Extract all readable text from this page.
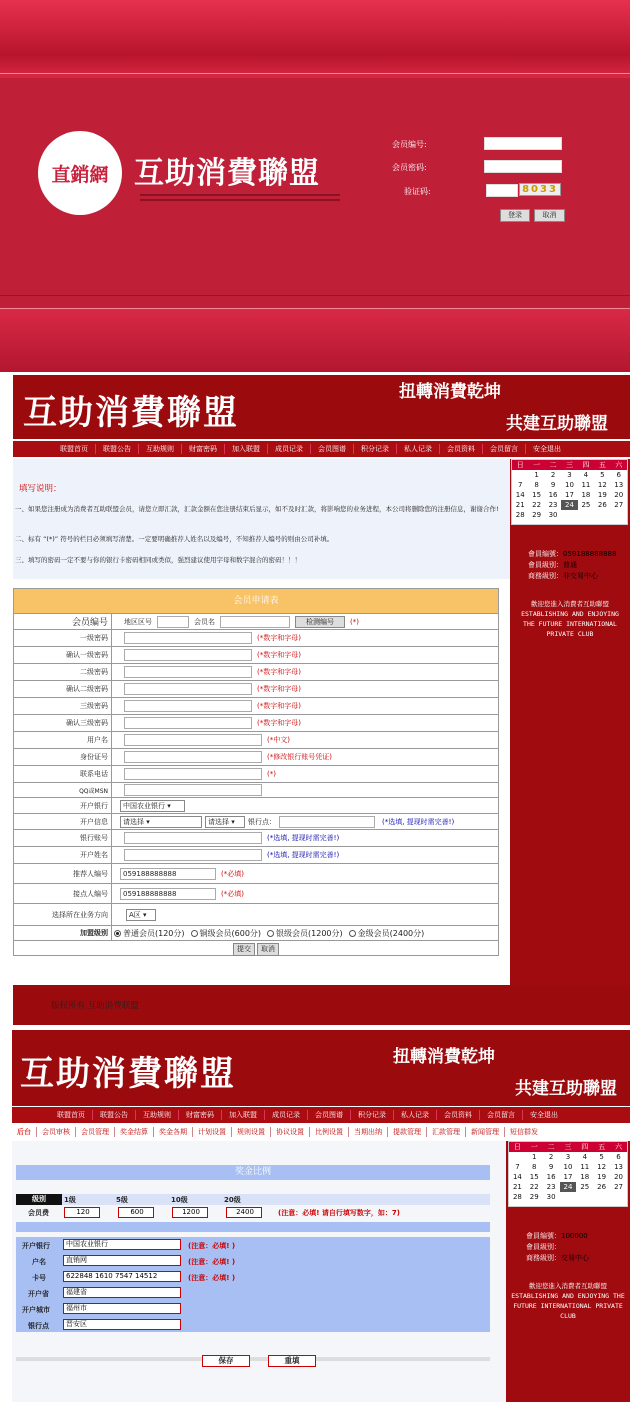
直銷網 互助消費聯盟
会员编号:
会员密码:
验证码:	8033
登录	取消
互助消費聯盟
扭轉消費乾坤
共建互助聯盟
联盟首页	联盟公告	互助规则	财富密码	加入联盟	成员记录	会员图谱	积分记录	私人记录	会员资料	会员留言	安全退出
填写说明：
一、如果您注册成为消费者互助联盟会员，请您立即汇款，汇款金额在您注册结束后显示，如不及时汇款，将影响您的业务进程，本公司将删除您的注册信息，谢谢合作!
二、标有 “(*)” 符号的栏目必须填写清楚。一定要明确推荐人姓名以及编号，不知推荐人编号的则由公司补填。
三、填写的密码一定不要与你的银行卡密码相同或类似，强烈建议使用字母和数字混合的密码！！！
会员申请表
会员编号	地区区号	会员名	检测编号	(*)
一级密码	(*数字和字母)
确认一级密码	(*数字和字母)
二级密码	(*数字和字母)
确认二级密码	(*数字和字母)
三级密码	(*数字和字母)
确认三级密码	(*数字和字母)
用户名	(*中文)
身份证号	(*修改银行账号凭证)
联系电话	(*)
QQ或MSN
开户银行	中国农业银行 ▾
开户信息	请选择 ▾	请选择 ▾	银行点：	(*选填, 提现时需完善!)
银行账号	(*选填, 提现时需完善!)
开户姓名	(*选填, 提现时需完善!)
推荐人编号	059188888888	(*必填)
接点人编号	059188888888	(*必填)
选择所在业务方向	A区 ▾
加盟级别	普通会员(120分)	铜级会员(600分)	银级会员(1200分)	金级会员(2400分)
提交	取消
日	一	二	三	四	五	六
	1	2	3	4	5	6
7	8	9	10	11	12	13
14	15	16	17	18	19	20
21	22	23	24	25	26	27
28	29	30				
會員编號：059188888888
會員級别：普通
商務級别：非交易中心
歡迎您進入消費者互助聯盟 ESTABLISHING AND ENJOYING THE FUTURE INTERNATIONAL PRIVATE CLUB
版权所有 互助消费联盟
互助消費聯盟	扭轉消費乾坤
共建互助聯盟
联盟首页	联盟公告	互助规则	财富密码	加入联盟	成员记录	会员图谱	积分记录	私人记录	会员资料	会员留言	安全退出
后台	会员审核	会员管理	奖金结算	奖金各期	计划设置	规则设置	协议设置	比例设置	当期出纳	提款管理	汇款管理	新闻管理	短信群发
奖金比例
级别	1级	5级	10级	20级
会员费	120	600	1200	2400	(注意：必填! 请自行填写数字，如：7)
开户银行	中国农业银行	(注意：必填! )
户名	直销网	(注意：必填! )
卡号	622848 1610 7547 14512	(注意：必填! )
开户省	福建省
开户城市	福州市
银行点	晋安区
保存	重填
日	一	二	三	四	五	六
	1	2	3	4	5	6
7	8	9	10	11	12	13
14	15	16	17	18	19	20
21	22	23	24	25	26	27
28	29	30				
會員编號：100000
會員級别：
商務級别：交易中心
歡迎您進入消費者互助聯盟 ESTABLISHING AND ENJOYING THE FUTURE INTERNATIONAL PRIVATE CLUB
